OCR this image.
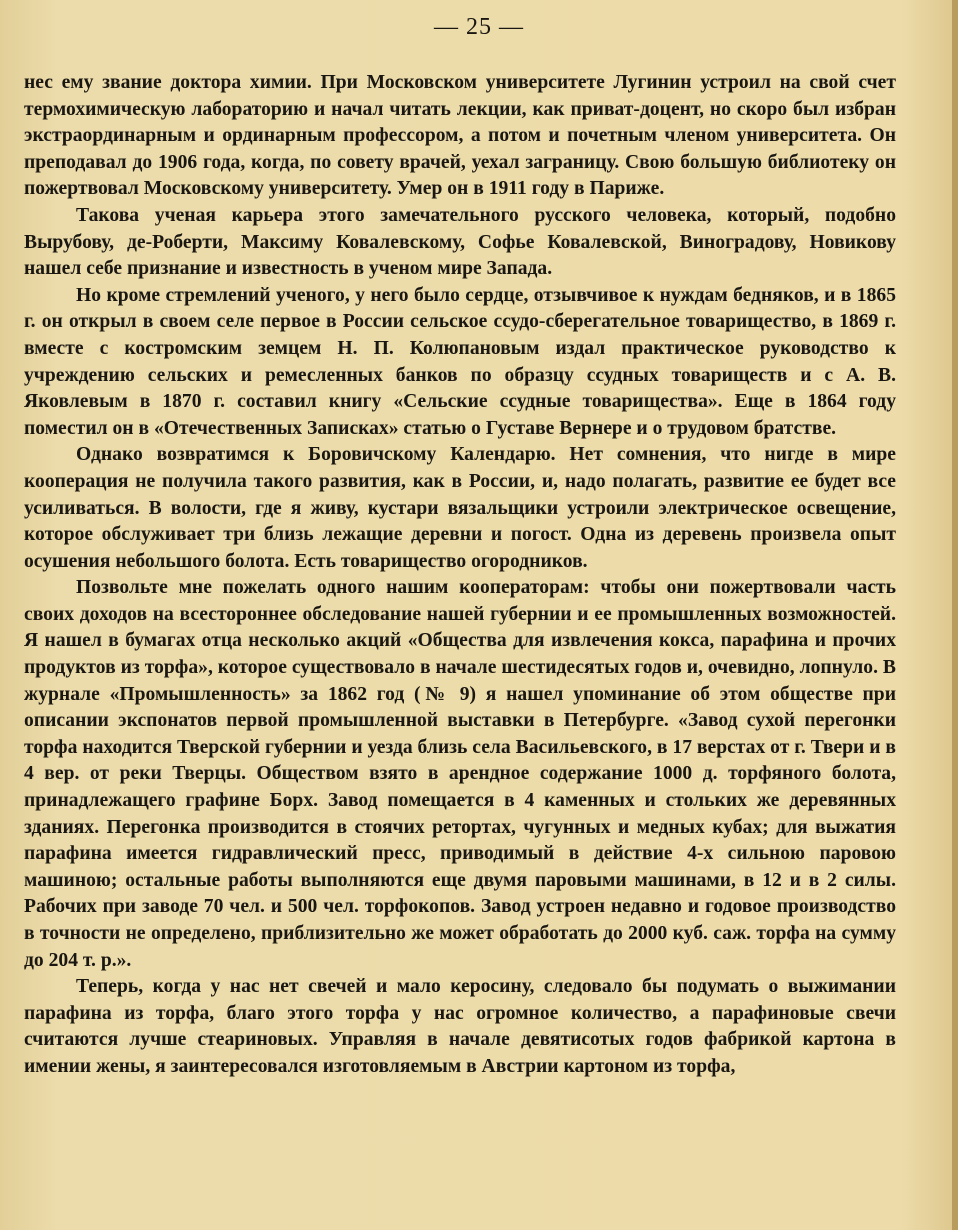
— 25 —

нес ему звание доктора химии. При Московском университете Лугинин устроил на свой счет термохимическую лабораторию и начал читать лекции, как приват-доцент, но скоро был избран экстраординарным и ординарным профессором, а потом и почетным членом университета. Он преподавал до 1906 года, когда, по совету врачей, уехал заграницу. Свою большую библиотеку он пожертвовал Московскому университету. Умер он в 1911 году в Париже.

Такова ученая карьера этого замечательного русского человека, который, подобно Вырубову, де-Роберти, Максиму Ковалевскому, Софье Ковалевской, Виноградову, Новикову нашел себе признание и известность в ученом мире Запада.

Но кроме стремлений ученого, у него было сердце, отзывчивое к нуждам бедняков, и в 1865 г. он открыл в своем селе первое в России сельское ссудо-сберегательное товарищество, в 1869 г. вместе с костромским земцем Н. П. Колюпановым издал практическое руководство к учреждению сельских и ремесленных банков по образцу ссудных товариществ и с А. В. Яковлевым в 1870 г. составил книгу «Сельские ссудные товарищества». Еще в 1864 году поместил он в «Отечественных Записках» статью о Густаве Вернере и о трудовом братстве.

Однако возвратимся к Боровичскому Календарю. Нет сомнения, что нигде в мире кооперация не получила такого развития, как в России, и, надо полагать, развитие ее будет все усиливаться. В волости, где я живу, кустари вязальщики устроили электрическое освещение, которое обслуживает три близь лежащие деревни и погост. Одна из деревень произвела опыт осушения небольшого болота. Есть товарищество огородников.

Позвольте мне пожелать одного нашим кооператорам: чтобы они пожертвовали часть своих доходов на всестороннее обследование нашей губернии и ее промышленных возможностей. Я нашел в бумагах отца несколько акций «Общества для извлечения кокса, парафина и прочих продуктов из торфа», которое существовало в начале шестидесятых годов и, очевидно, лопнуло. В журнале «Промышленность» за 1862 год (№ 9) я нашел упоминание об этом обществе при описании экспонатов первой промышленной выставки в Петербурге. «Завод сухой перегонки торфа находится Тверской губернии и уезда близь села Васильевского, в 17 верстах от г. Твери и в 4 вер. от реки Тверцы. Обществом взято в арендное содержание 1000 д. торфяного болота, принадлежащего графине Борх. Завод помещается в 4 каменных и стольких же деревянных зданиях. Перегонка производится в стоячих ретортах, чугунных и медных кубах; для выжатия парафина имеется гидравлический пресс, приводимый в действие 4-х сильною паровою машиною; остальные работы выполняются еще двумя паровыми машинами, в 12 и в 2 силы. Рабочих при заводе 70 чел. и 500 чел. торфокопов. Завод устроен недавно и годовое производство в точности не определено, приблизительно же может обработать до 2000 куб. саж. торфа на сумму до 204 т. р.».

Теперь, когда у нас нет свечей и мало керосину, следовало бы подумать о выжимании парафина из торфа, благо этого торфа у нас огромное количество, а парафиновые свечи считаются лучше стеариновых. Управляя в начале девятисотых годов фабрикой картона в имении жены, я заинтересовался изготовляемым в Австрии картоном из торфа,
